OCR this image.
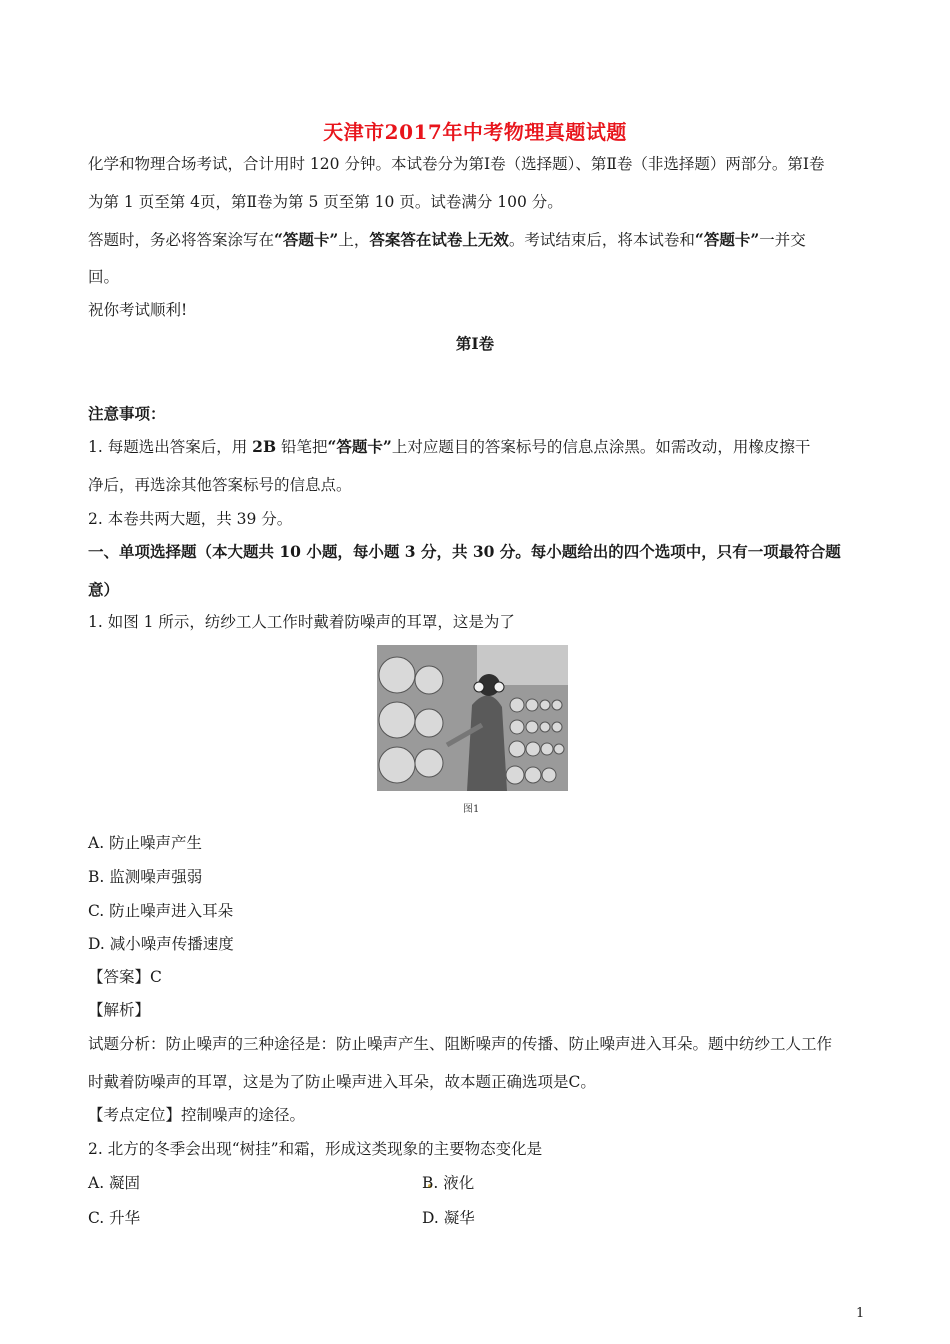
天津市2017年中考物理真题试题
化学和物理合场考试，合计用时 120 分钟。本试卷分为第Ⅰ卷（选择题）、第Ⅱ卷（非选择题）两部分。第Ⅰ卷
为第 1 页至第 4页，第Ⅱ卷为第 5 页至第 10 页。试卷满分 100 分。
答题时，务必将答案涂写在“答题卡”上，答案答在试卷上无效。考试结束后，将本试卷和“答题卡”一并交
回。
祝你考试顺利!
第Ⅰ卷
注意事项：
1. 每题选出答案后，用 2B 铅笔把“答题卡”上对应题目的答案标号的信息点涂黑。如需改动，用橡皮擦干
净后，再选涂其他答案标号的信息点。
2. 本卷共两大题，共 39 分。
一、单项选择题（本大题共 10 小题，每小题 3 分，共 30 分。每小题给出的四个选项中，只有一项最符合题
意）
1. 如图 1 所示，纺纱工人工作时戴着防噪声的耳罩，这是为了
图1
A. 防止噪声产生
B. 监测噪声强弱
C. 防止噪声进入耳朵
D. 减小噪声传播速度
【答案】C
【解析】
试题分析：防止噪声的三种途径是：防止噪声产生、阻断噪声的传播、防止噪声进入耳朵。题中纺纱工人工作
时戴着防噪声的耳罩，这是为了防止噪声进入耳朵，故本题正确选项是C。
【考点定位】控制噪声的途径。
2. 北方的冬季会出现“树挂”和霜，形成这类现象的主要物态变化是
A. 凝固	B. 液化
C. 升华	D. 凝华
1
